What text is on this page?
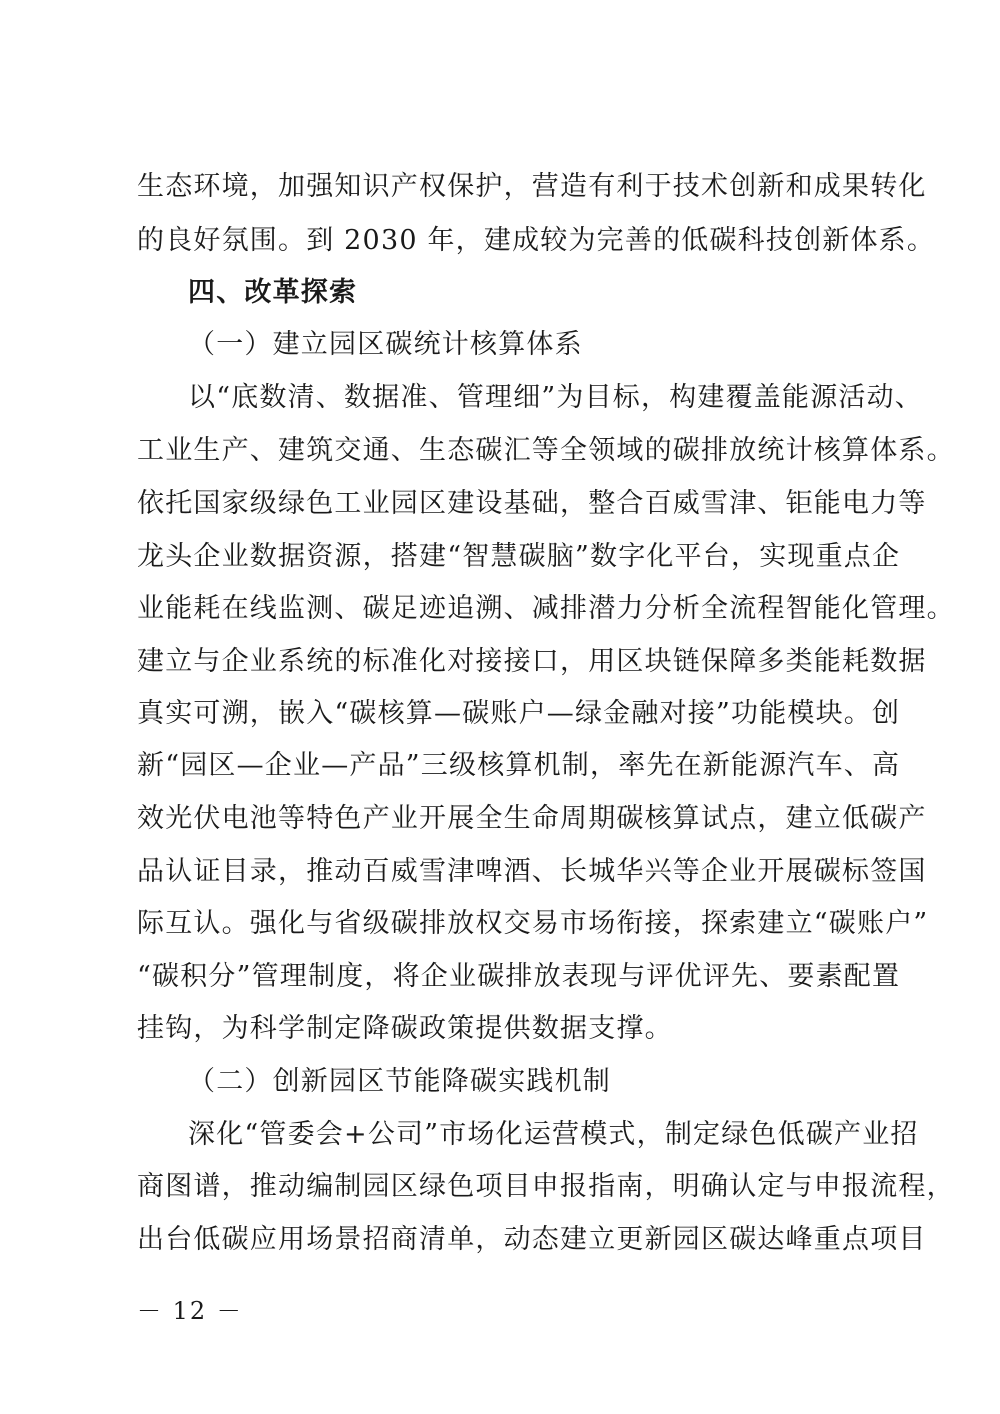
生态环境，加强知识产权保护，营造有利于技术创新和成果转化
的良好氛围。到 2030 年，建成较为完善的低碳科技创新体系。
四、改革探索
（一）建立园区碳统计核算体系
以“底数清、数据准、管理细”为目标，构建覆盖能源活动、
工业生产、建筑交通、生态碳汇等全领域的碳排放统计核算体系。
依托国家级绿色工业园区建设基础，整合百威雪津、钜能电力等
龙头企业数据资源，搭建“智慧碳脑”数字化平台，实现重点企
业能耗在线监测、碳足迹追溯、减排潜力分析全流程智能化管理。
建立与企业系统的标准化对接接口，用区块链保障多类能耗数据
真实可溯，嵌入“碳核算—碳账户—绿金融对接”功能模块。创
新“园区—企业—产品”三级核算机制，率先在新能源汽车、高
效光伏电池等特色产业开展全生命周期碳核算试点，建立低碳产
品认证目录，推动百威雪津啤酒、长城华兴等企业开展碳标签国
际互认。强化与省级碳排放权交易市场衔接，探索建立“碳账户”
“碳积分”管理制度，将企业碳排放表现与评优评先、要素配置
挂钩，为科学制定降碳政策提供数据支撑。
（二）创新园区节能降碳实践机制
深化“管委会+公司”市场化运营模式，制定绿色低碳产业招
商图谱，推动编制园区绿色项目申报指南，明确认定与申报流程，
出台低碳应用场景招商清单，动态建立更新园区碳达峰重点项目
－ 12 －
